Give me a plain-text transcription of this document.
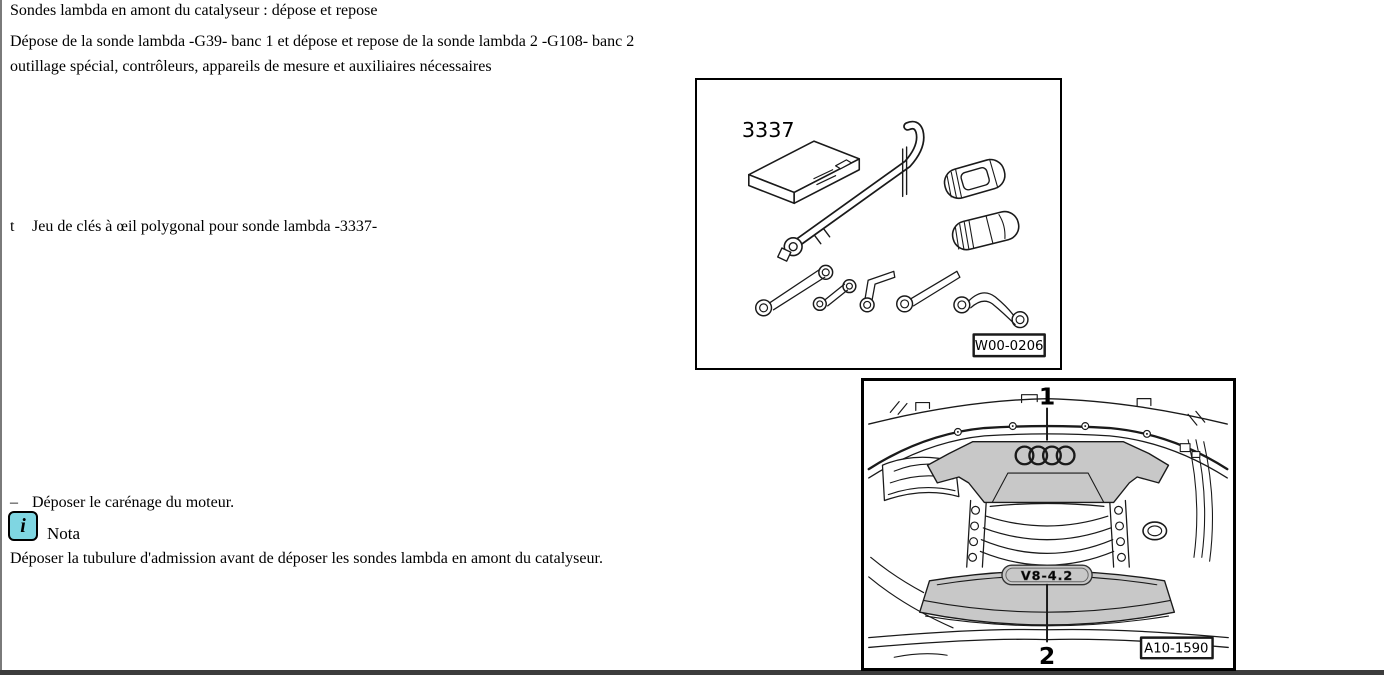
Sondes lambda en amont du catalyseur : dépose et repose

Dépose de la sonde lambda -G39- banc 1 et dépose et repose de la sonde lambda 2 -G108- banc 2

outillage spécial, contrôleurs, appareils de mesure et auxiliaires nécessaires

t Jeu de clés à œil polygonal pour sonde lambda -3337-

– Déposer le carénage du moteur.

i Nota

Déposer la tubulure d'admission avant de déposer les sondes lambda en amont du catalyseur.

3337
W00-0206
V8-4.2
1
2	A10-1590
